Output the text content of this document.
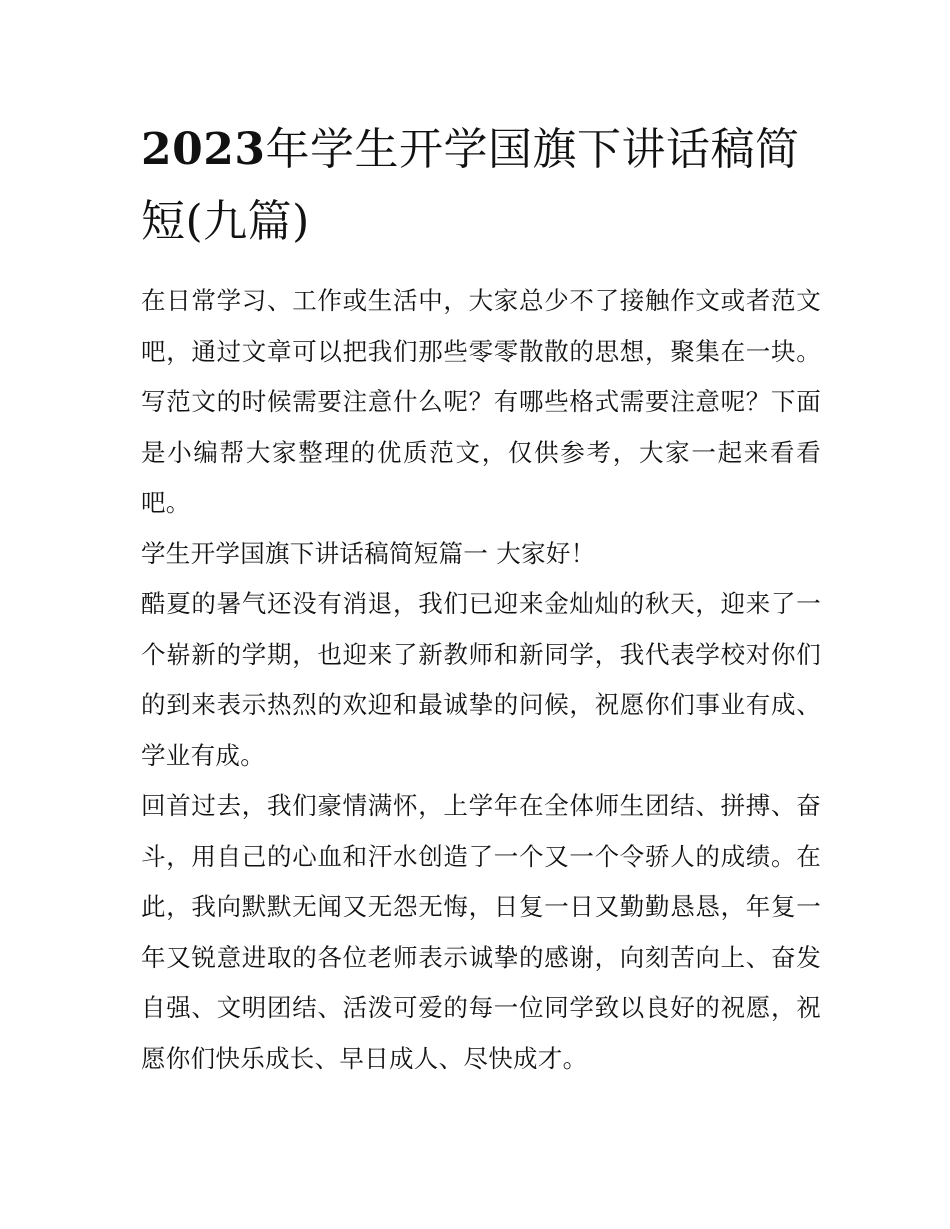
2023年学生开学国旗下讲话稿简短(九篇)

在日常学习、工作或生活中，大家总少不了接触作文或者范文吧，通过文章可以把我们那些零零散散的思想，聚集在一块。写范文的时候需要注意什么呢？有哪些格式需要注意呢？下面是小编帮大家整理的优质范文，仅供参考，大家一起来看看吧。

学生开学国旗下讲话稿简短篇一 大家好！

酷夏的暑气还没有消退，我们已迎来金灿灿的秋天，迎来了一个崭新的学期，也迎来了新教师和新同学，我代表学校对你们的到来表示热烈的欢迎和最诚挚的问候，祝愿你们事业有成、学业有成。

回首过去，我们豪情满怀，上学年在全体师生团结、拼搏、奋斗，用自己的心血和汗水创造了一个又一个令骄人的成绩。在此，我向默默无闻又无怨无悔，日复一日又勤勤恳恳，年复一年又锐意进取的各位老师表示诚挚的感谢，向刻苦向上、奋发自强、文明团结、活泼可爱的每一位同学致以良好的祝愿，祝愿你们快乐成长、早日成人、尽快成才。
